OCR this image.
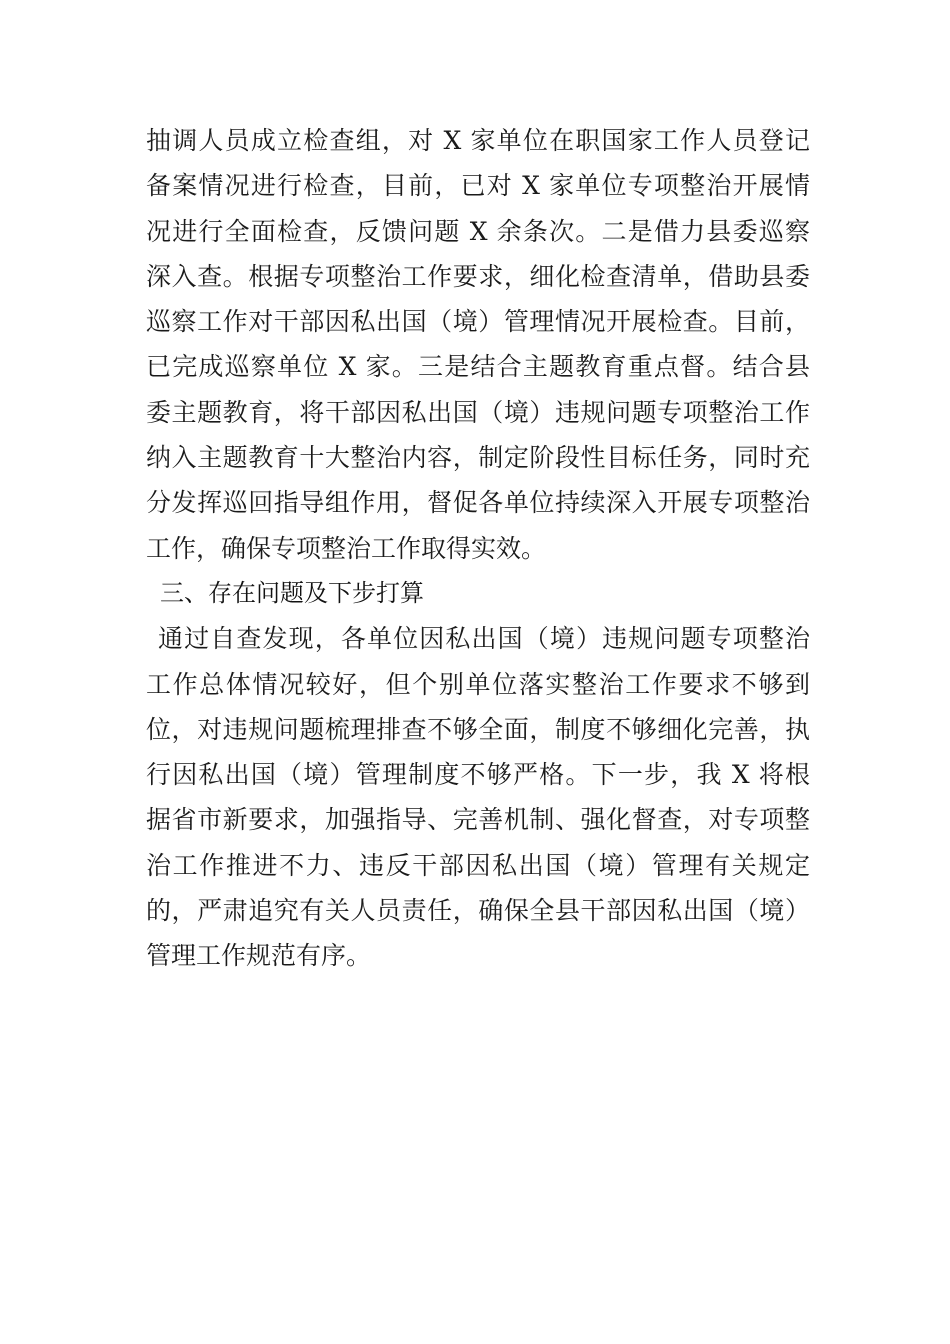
抽调人员成立检查组，对 X 家单位在职国家工作人员登记
备案情况进行检查，目前，已对 X 家单位专项整治开展情
况进行全面检查，反馈问题 X 余条次。二是借力县委巡察
深入查。根据专项整治工作要求，细化检查清单，借助县委
巡察工作对干部因私出国（境）管理情况开展检查。目前，
已完成巡察单位 X 家。三是结合主题教育重点督。结合县
委主题教育，将干部因私出国（境）违规问题专项整治工作
纳入主题教育十大整治内容，制定阶段性目标任务，同时充
分发挥巡回指导组作用，督促各单位持续深入开展专项整治
工作，确保专项整治工作取得实效。
三、存在问题及下步打算
通过自查发现，各单位因私出国（境）违规问题专项整治
工作总体情况较好，但个别单位落实整治工作要求不够到
位，对违规问题梳理排查不够全面，制度不够细化完善，执
行因私出国（境）管理制度不够严格。下一步，我 X 将根
据省市新要求，加强指导、完善机制、强化督查，对专项整
治工作推进不力、违反干部因私出国（境）管理有关规定
的，严肃追究有关人员责任，确保全县干部因私出国（境）
管理工作规范有序。
